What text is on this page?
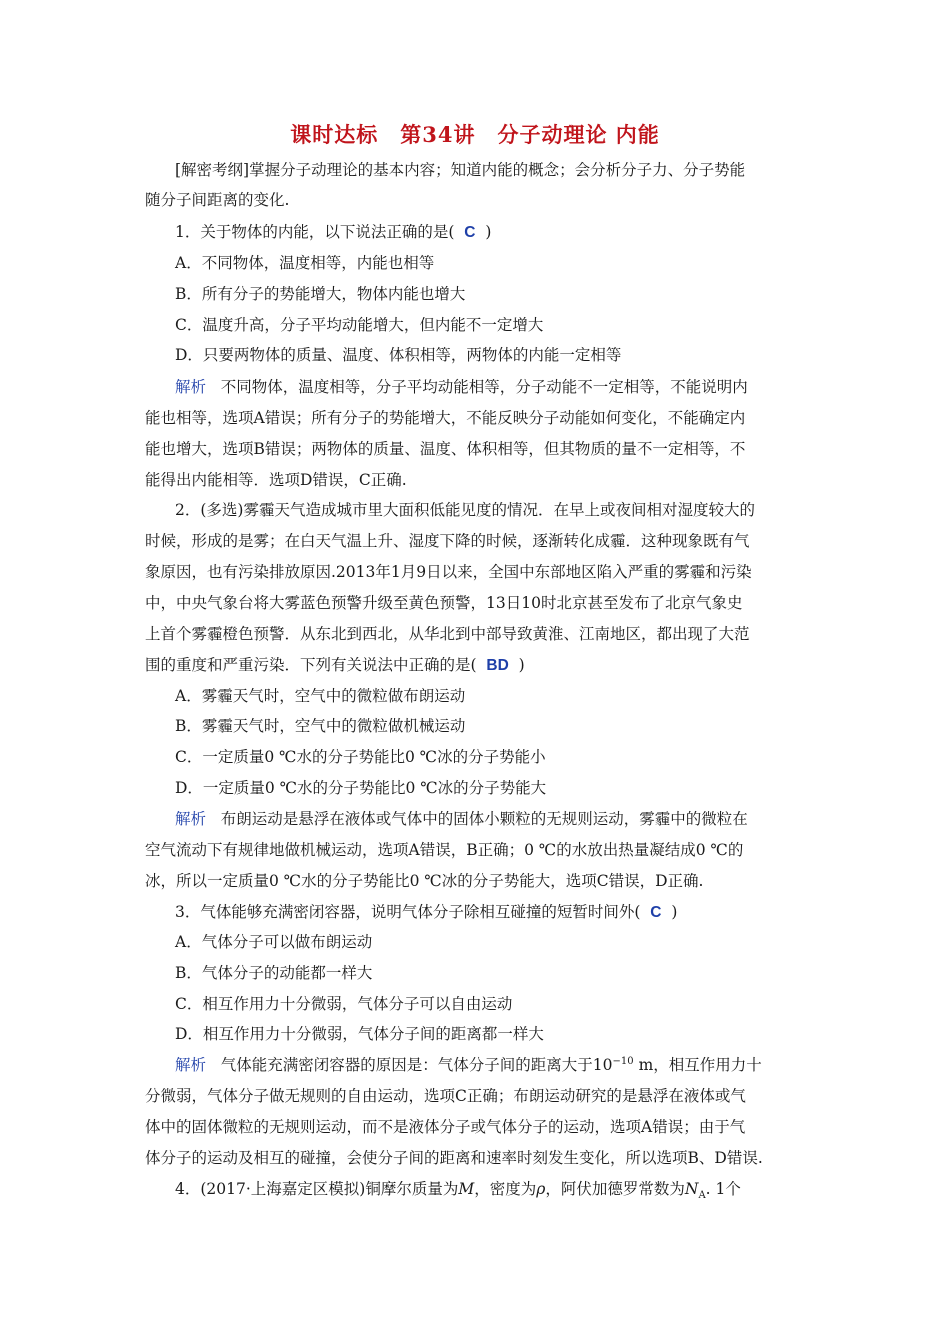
课时达标　第34讲　分子动理论 内能
[解密考纲]掌握分子动理论的基本内容；知道内能的概念；会分析分子力、分子势能
随分子间距离的变化.
1．关于物体的内能，以下说法正确的是( C )
A．不同物体，温度相等，内能也相等
B．所有分子的势能增大，物体内能也增大
C．温度升高，分子平均动能增大，但内能不一定增大
D．只要两物体的质量、温度、体积相等，两物体的内能一定相等
解析 不同物体，温度相等，分子平均动能相等，分子动能不一定相等，不能说明内
能也相等，选项A错误；所有分子的势能增大，不能反映分子动能如何变化，不能确定内
能也增大，选项B错误；两物体的质量、温度、体积相等，但其物质的量不一定相等，不
能得出内能相等．选项D错误，C正确.
2．(多选)雾霾天气造成城市里大面积低能见度的情况．在早上或夜间相对湿度较大的
时候，形成的是雾；在白天气温上升、湿度下降的时候，逐渐转化成霾．这种现象既有气
象原因，也有污染排放原因.2013年1月9日以来，全国中东部地区陷入严重的雾霾和污染
中，中央气象台将大雾蓝色预警升级至黄色预警，13日10时北京甚至发布了北京气象史
上首个雾霾橙色预警．从东北到西北，从华北到中部导致黄淮、江南地区，都出现了大范
围的重度和严重污染．下列有关说法中正确的是( BD )
A．雾霾天气时，空气中的微粒做布朗运动
B．雾霾天气时，空气中的微粒做机械运动
C．一定质量0 ℃水的分子势能比0 ℃冰的分子势能小
D．一定质量0 ℃水的分子势能比0 ℃冰的分子势能大
解析 布朗运动是悬浮在液体或气体中的固体小颗粒的无规则运动，雾霾中的微粒在
空气流动下有规律地做机械运动，选项A错误，B正确；0 ℃的水放出热量凝结成0 ℃的
冰，所以一定质量0 ℃水的分子势能比0 ℃冰的分子势能大，选项C错误，D正确.
3．气体能够充满密闭容器，说明气体分子除相互碰撞的短暂时间外( C )
A．气体分子可以做布朗运动
B．气体分子的动能都一样大
C．相互作用力十分微弱，气体分子可以自由运动
D．相互作用力十分微弱，气体分子间的距离都一样大
解析 气体能充满密闭容器的原因是：气体分子间的距离大于$10^{-10}$ m，相互作用力十
分微弱，气体分子做无规则的自由运动，选项C正确；布朗运动研究的是悬浮在液体或气
体中的固体微粒的无规则运动，而不是液体分子或气体分子的运动，选项A错误；由于气
体分子的运动及相互的碰撞，会使分子间的距离和速率时刻发生变化，所以选项B、D错误.
4．(2017·上海嘉定区模拟)铜摩尔质量为M，密度为ρ，阿伏加德罗常数为$N_A$. 1个
